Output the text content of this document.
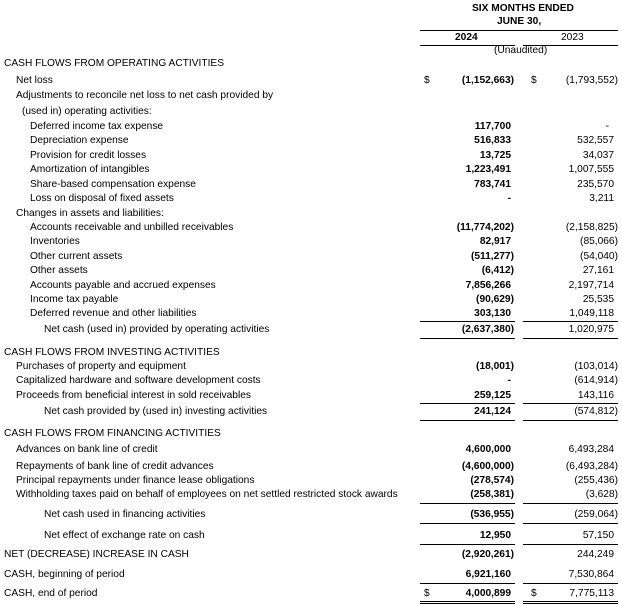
SIX MONTHS ENDED
JUNE 30,
2024	2023
(Unaudited)
CASH FLOWS FROM OPERATING ACTIVITIES
Net loss	$	(1,152,663) $	(1,793,552)
Adjustments to reconcile net loss to net cash provided by
(used in) operating activities:
Deferred income tax expense	117,700	-
Depreciation expense	516,833	532,557
Provision for credit losses	13,725	34,037
Amortization of intangibles	1,223,491	1,007,555
Share-based compensation expense	783,741	235,570
Loss on disposal of fixed assets	-	3,211
Changes in assets and liabilities:
Accounts receivable and unbilled receivables	(11,774,202)	(2,158,825)
Inventories	82,917	(85,066)
Other current assets	(511,277)	(54,040)
Other assets	(6,412)	27,161
Accounts payable and accrued expenses	7,856,266	2,197,714
Income tax payable	(90,629)	25,535
Deferred revenue and other liabilities	303,130	1,049,118
Net cash (used in) provided by operating activities	(2,637,380)	1,020,975
CASH FLOWS FROM INVESTING ACTIVITIES
Purchases of property and equipment	(18,001)	(103,014)
Capitalized hardware and software development costs	-	(614,914)
Proceeds from beneficial interest in sold receivables	259,125	143,116
Net cash provided by (used in) investing activities	241,124	(574,812)
CASH FLOWS FROM FINANCING ACTIVITIES
Advances on bank line of credit	4,600,000	6,493,284
Repayments of bank line of credit advances	(4,600,000)	(6,493,284)
Principal repayments under finance lease obligations	(278,574)	(255,436)
Withholding taxes paid on behalf of employees on net settled restricted stock awards	(258,381)	(3,628)
Net cash used in financing activities	(536,955)	(259,064)
Net effect of exchange rate on cash	12,950	57,150
NET (DECREASE) INCREASE IN CASH	(2,920,261)	244,249
CASH, beginning of period	6,921,160	7,530,864
CASH, end of period	$	4,000,899 $	7,775,113
